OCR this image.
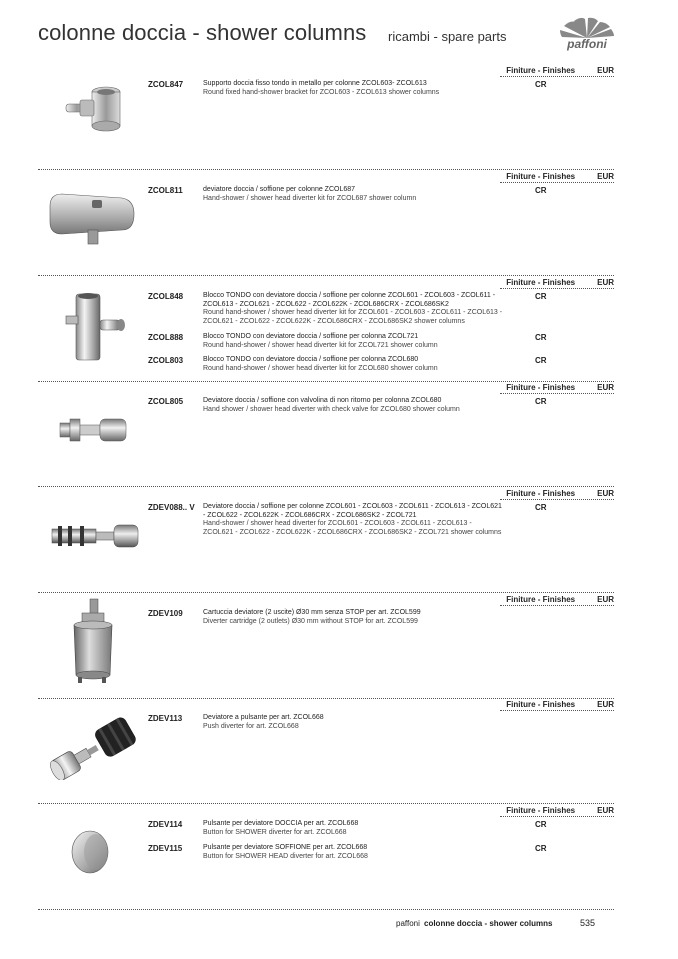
colonne doccia - shower columns ricambi - spare parts	paffoni
Finiture - Finishes	EUR
ZCOL847	Supporto doccia fisso tondo in metallo per colonne ZCOL603- ZCOL613
Round fixed hand-shower bracket for ZCOL603 - ZCOL613 shower columns
CR
Finiture - Finishes	EUR
ZCOL811	deviatore doccia / soffione per colonne ZCOL687
Hand-shower / shower head diverter kit for ZCOL687 shower column
CR
Finiture - Finishes	EUR
ZCOL848	Blocco TONDO con deviatore doccia / soffione per colonne ZCOL601 - ZCOL603 - ZCOL611 - ZCOL613 - ZCOL621 - ZCOL622 - ZCOL622K - ZCOL686CRX - ZCOL686SK2
Round hand-shower / shower head diverter kit for ZCOL601 - ZCOL603 - ZCOL611 - ZCOL613 - ZCOL621 - ZCOL622 - ZCOL622K - ZCOL686CRX - ZCOL686SK2 shower columns
CR
ZCOL888	Blocco TONDO con deviatore doccia / soffione per colonna ZCOL721
Round hand-shower / shower head diverter kit for ZCOL721 shower column
CR
ZCOL803	Blocco TONDO con deviatore doccia / soffione per colonna ZCOL680
Round hand-shower / shower head diverter kit for ZCOL680 shower column
CR
Finiture - Finishes	EUR
ZCOL805	Deviatore doccia / soffione con valvolina di non ritorno per colonna ZCOL680
Hand shower / shower head diverter with check valve for ZCOL680 shower column
CR
Finiture - Finishes	EUR
ZDEV088.. V Deviatore doccia / soffione per colonne ZCOL601 - ZCOL603 - ZCOL611 - ZCOL613 - ZCOL621 - ZCOL622 - ZCOL622K - ZCOL686CRX - ZCOL686SK2 - ZCOL721
Hand-shower / shower head diverter for ZCOL601 - ZCOL603 - ZCOL611 - ZCOL613 - ZCOL621 - ZCOL622 - ZCOL622K - ZCOL686CRX - ZCOL686SK2 - ZCOL721 shower columns
CR
Finiture - Finishes	EUR
ZDEV109	Cartuccia deviatore (2 uscite) Ø30 mm senza STOP per art. ZCOL599
Diverter cartridge (2 outlets) Ø30 mm without STOP for art. ZCOL599
Finiture - Finishes	EUR
ZDEV113	Deviatore a pulsante per art. ZCOL668
Push diverter for art. ZCOL668
Finiture - Finishes	EUR
ZDEV114	Pulsante per deviatore DOCCIA per art. ZCOL668
Button for SHOWER diverter for art. ZCOL668
CR
ZDEV115	Pulsante per deviatore SOFFIONE per art. ZCOL668
Button for SHOWER HEAD diverter for art. ZCOL668
CR
paffoni colonne doccia - shower columns	535
